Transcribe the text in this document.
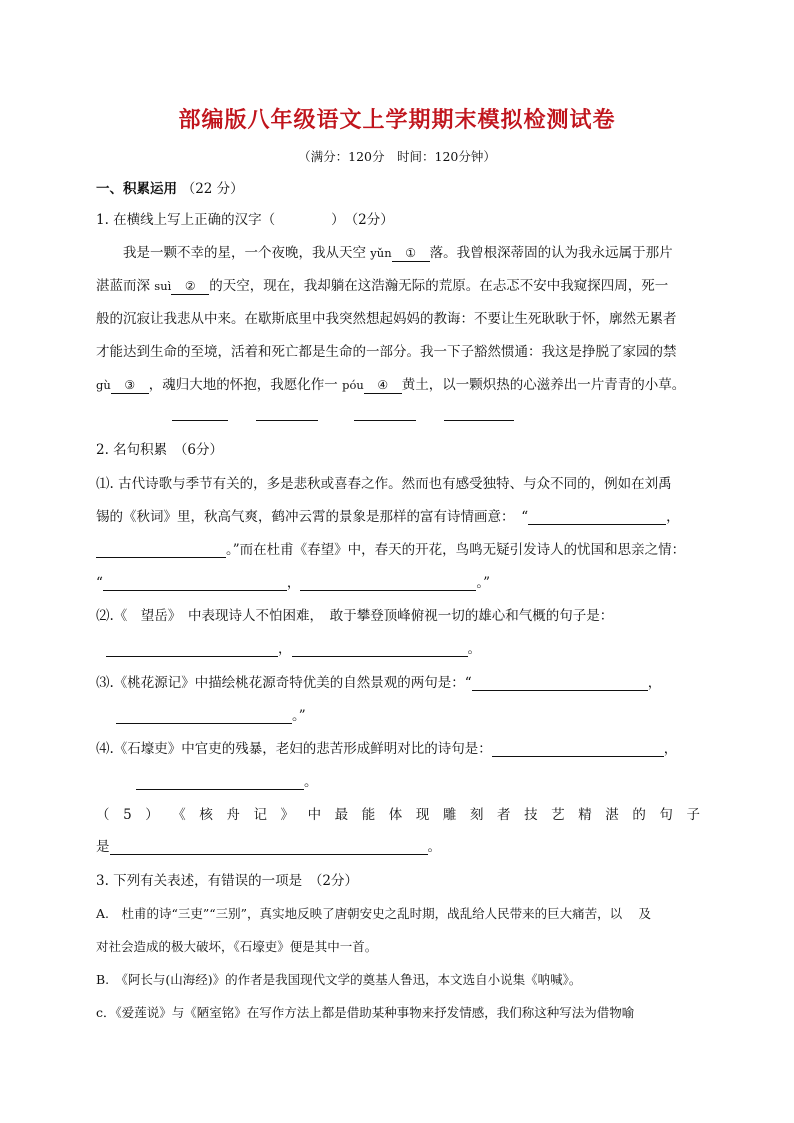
部编版八年级语文上学期期末模拟检测试卷
（满分：120分　时间：120分钟）
一、积累运用 （22 分）
1. 在横线上写上正确的汉字（	）　（2分）
我是一颗不幸的星，一个夜晚，我从天空 yǔn ① 落。我曾根深蒂固的认为我永远属于那片
湛蓝而深 suì ② 的天空，现在，我却躺在这浩瀚无际的荒原。在忐忑不安中我窥探四周，死一
般的沉寂让我悲从中来。在歇斯底里中我突然想起妈妈的教诲：不要让生死耿耿于怀，廓然无累者
才能达到生命的至境，活着和死亡都是生命的一部分。我一下子豁然惯通：我这是挣脱了家园的禁
gù ③ ，魂归大地的怀抱，我愿化作一 póu ④ 黄土，以一颗炽热的心滋养出一片青青的小草。
2. 名句积累　（6分）
⑴. 古代诗歌与季节有关的，多是悲秋或喜春之作。然而也有感受独特、与众不同的，例如在刘禹
锡的《秋词》里，秋高气爽，鹤冲云霄的景象是那样的富有诗情画意：　“	，
。”而在杜甫《春望》中，春天的开花，鸟鸣无疑引发诗人的忧国和思亲之情：
“	，	。”
⑵.《　望岳》　中表现诗人不怕困难，　敢于攀登顶峰俯视一切的雄心和气概的句子是：
，	。
⑶.《桃花源记》中描绘桃花源奇特优美的自然景观的两句是：“	，
。”
⑷.《石壕吏》中官吏的残暴，老妇的悲苦形成鲜明对比的诗句是：	，
。
（ 5 ） 《 核 舟 记 》 中 最 能 体 现 雕 刻 者 技 艺 精 湛 的 句 子
是	。
3. 下列有关表述，有错误的一项是　（2分）
A.　杜甫的诗“三吏”“三别”，真实地反映了唐朝安史之乱时期，战乱给人民带来的巨大痛苦，以　 及
对社会造成的极大破坏，《石壕吏》便是其中一首。
B.　《阿长与(山海经)》的作者是我国现代文学的奠基人鲁迅，本文选自小说集《呐喊》。
c．《爱莲说》与《陋室铭》在写作方法上都是借助某种事物来抒发情感，我们称这种写法为借物喻
